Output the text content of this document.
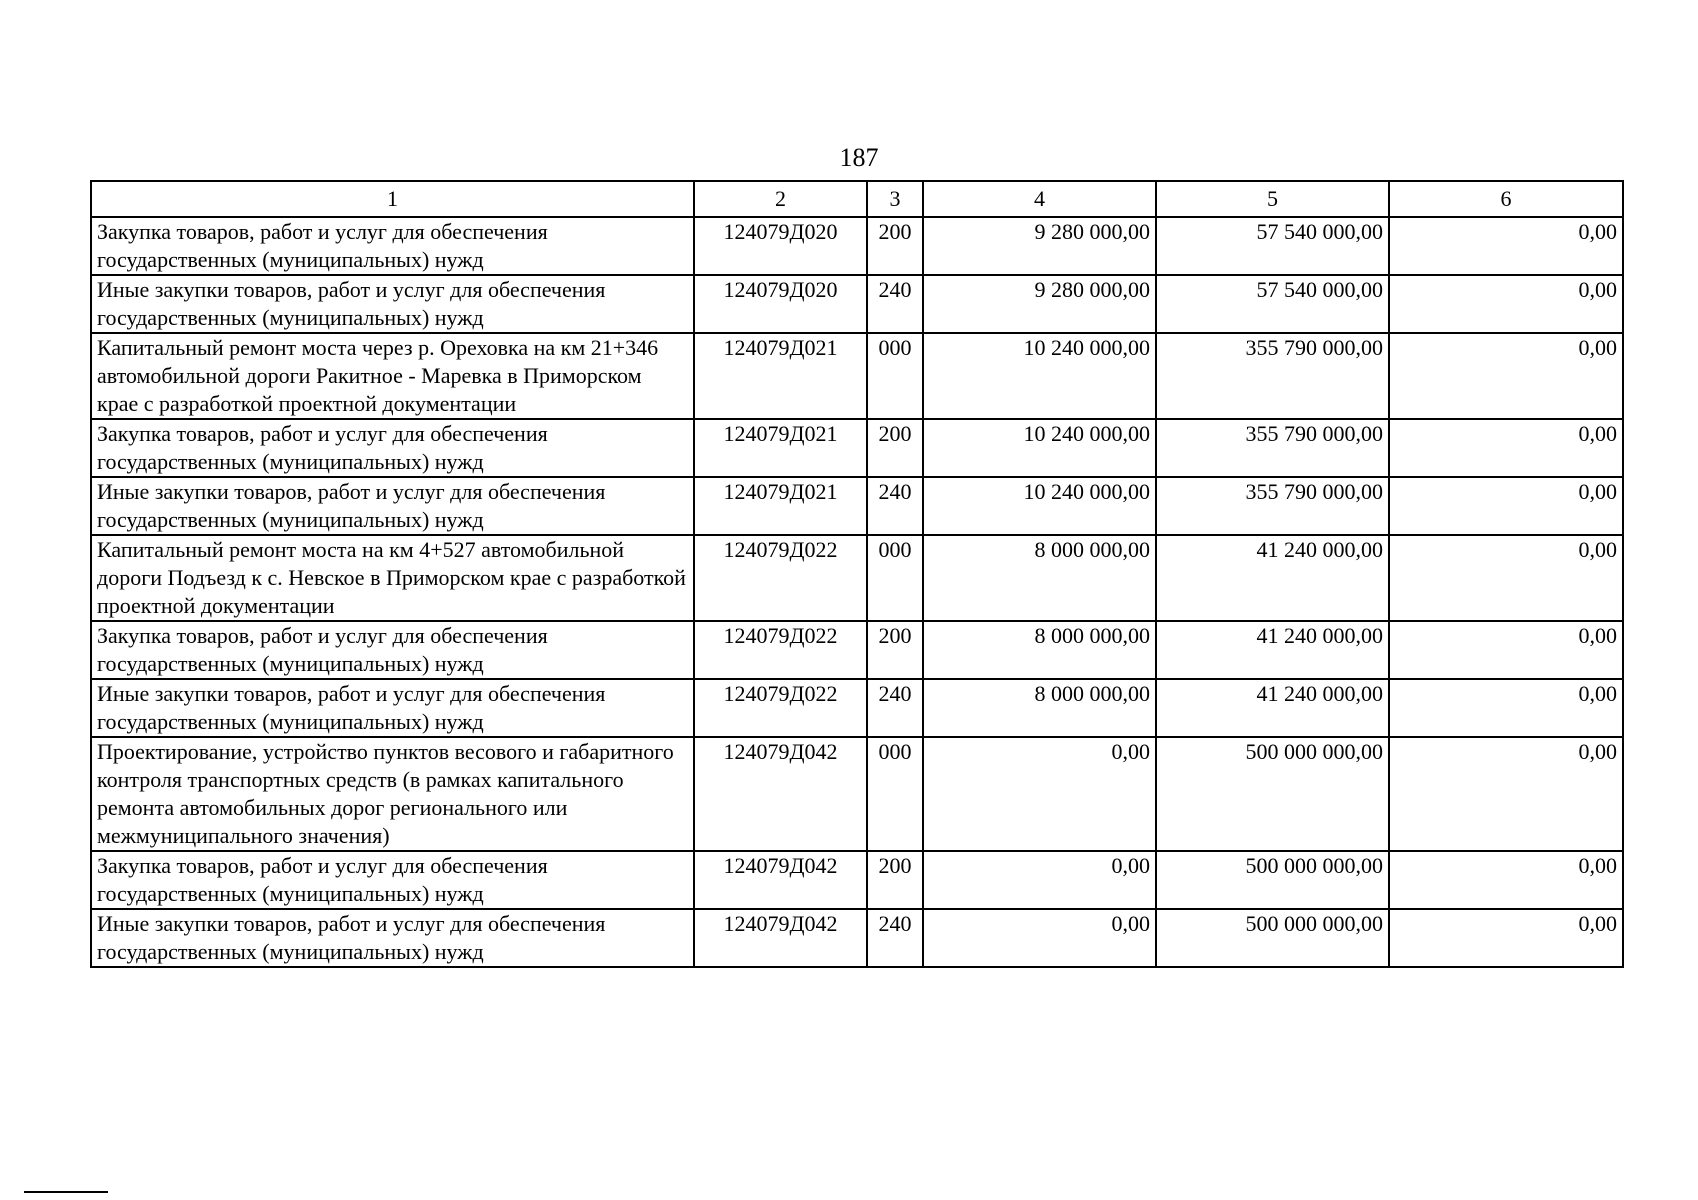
187
1	2	3	4	5	6
Закупка товаров, работ и услуг для обеспечения государственных (муниципальных) нужд	124079Д020	200	9 280 000,00	57 540 000,00	0,00
Иные закупки товаров, работ и услуг для обеспечения государственных (муниципальных) нужд	124079Д020	240	9 280 000,00	57 540 000,00	0,00
Капитальный ремонт моста через р. Ореховка на км 21+346 автомобильной дороги Ракитное - Маревка в Приморском крае с разработкой проектной документации	124079Д021	000	10 240 000,00	355 790 000,00	0,00
Закупка товаров, работ и услуг для обеспечения государственных (муниципальных) нужд	124079Д021	200	10 240 000,00	355 790 000,00	0,00
Иные закупки товаров, работ и услуг для обеспечения государственных (муниципальных) нужд	124079Д021	240	10 240 000,00	355 790 000,00	0,00
Капитальный ремонт моста на км 4+527 автомобильной дороги Подъезд к с. Невское в Приморском крае с разработкой проектной документации	124079Д022	000	8 000 000,00	41 240 000,00	0,00
Закупка товаров, работ и услуг для обеспечения государственных (муниципальных) нужд	124079Д022	200	8 000 000,00	41 240 000,00	0,00
Иные закупки товаров, работ и услуг для обеспечения государственных (муниципальных) нужд	124079Д022	240	8 000 000,00	41 240 000,00	0,00
Проектирование, устройство пунктов весового и габаритного контроля транспортных средств (в рамках капитального ремонта автомобильных дорог регионального или межмуниципального значения)	124079Д042	000	0,00	500 000 000,00	0,00
Закупка товаров, работ и услуг для обеспечения государственных (муниципальных) нужд	124079Д042	200	0,00	500 000 000,00	0,00
Иные закупки товаров, работ и услуг для обеспечения государственных (муниципальных) нужд	124079Д042	240	0,00	500 000 000,00	0,00
